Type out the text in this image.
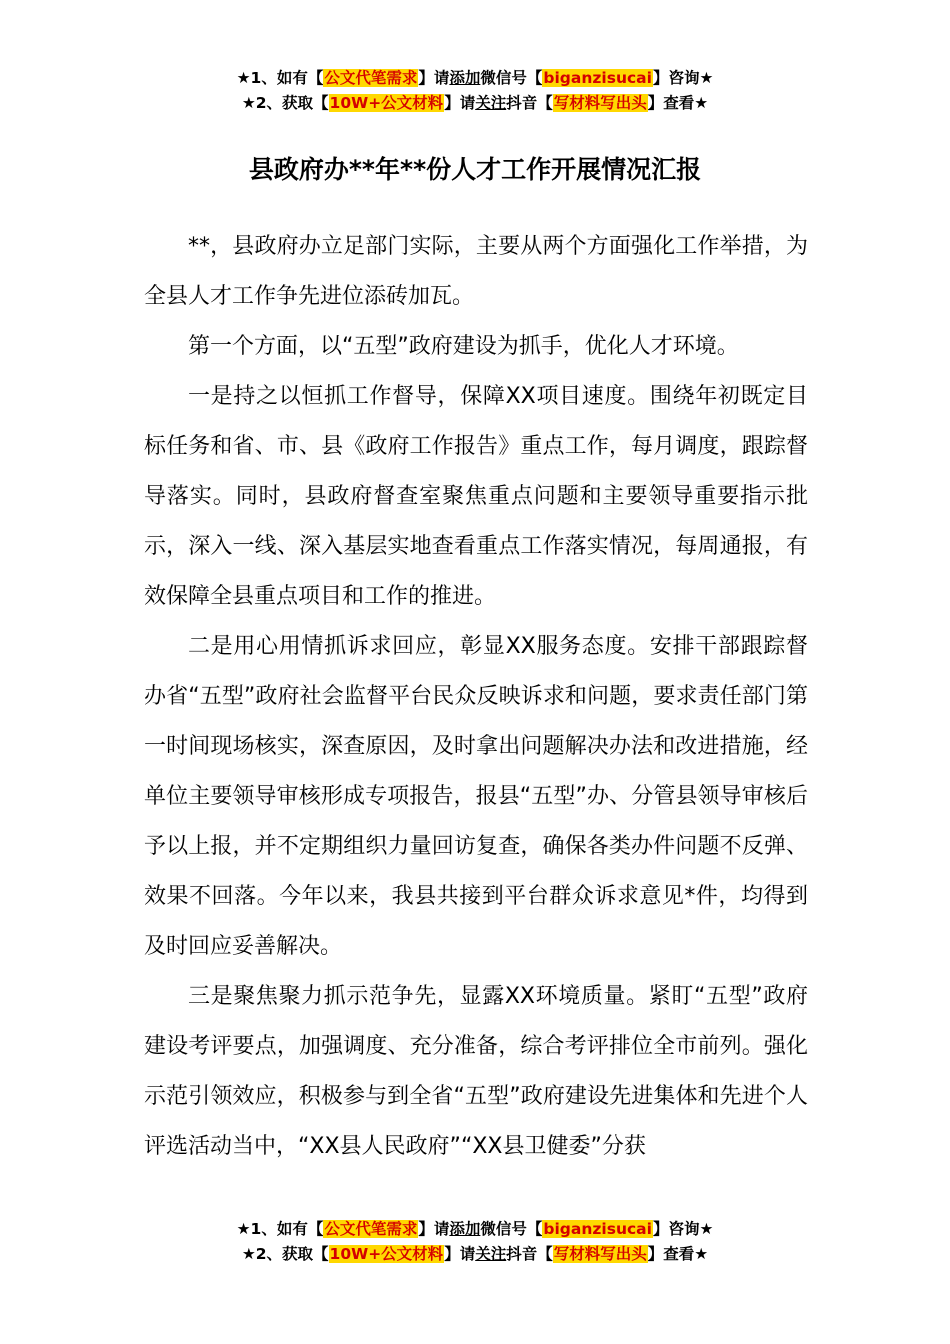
★1、如有【公文代笔需求】请添加微信号【biganzisucai】咨询★
★2、获取【10W+公文材料】请关注抖音【写材料写出头】查看★
县政府办**年**份人才工作开展情况汇报

**，县政府办立足部门实际，主要从两个方面强化工作举措，为全县人才工作争先进位添砖加瓦。

第一个方面，以“五型”政府建设为抓手，优化人才环境。

一是持之以恒抓工作督导，保障XX项目速度。围绕年初既定目标任务和省、市、县《政府工作报告》重点工作，每月调度，跟踪督导落实。同时，县政府督查室聚焦重点问题和主要领导重要指示批示，深入一线、深入基层实地查看重点工作落实情况，每周通报，有效保障全县重点项目和工作的推进。

二是用心用情抓诉求回应，彰显XX服务态度。安排干部跟踪督办省“五型”政府社会监督平台民众反映诉求和问题，要求责任部门第一时间现场核实，深查原因，及时拿出问题解决办法和改进措施，经单位主要领导审核形成专项报告，报县“五型”办、分管县领导审核后予以上报，并不定期组织力量回访复查，确保各类办件问题不反弹、效果不回落。今年以来，我县共接到平台群众诉求意见*件，均得到及时回应妥善解决。

三是聚焦聚力抓示范争先，显露XX环境质量。紧盯“五型”政府建设考评要点，加强调度、充分准备，综合考评排位全市前列。强化示范引领效应，积极参与到全省“五型”政府建设先进集体和先进个人评选活动当中，“XX县人民政府”“XX县卫健委”分获

★1、如有【公文代笔需求】请添加微信号【biganzisucai】咨询★
★2、获取【10W+公文材料】请关注抖音【写材料写出头】查看★
